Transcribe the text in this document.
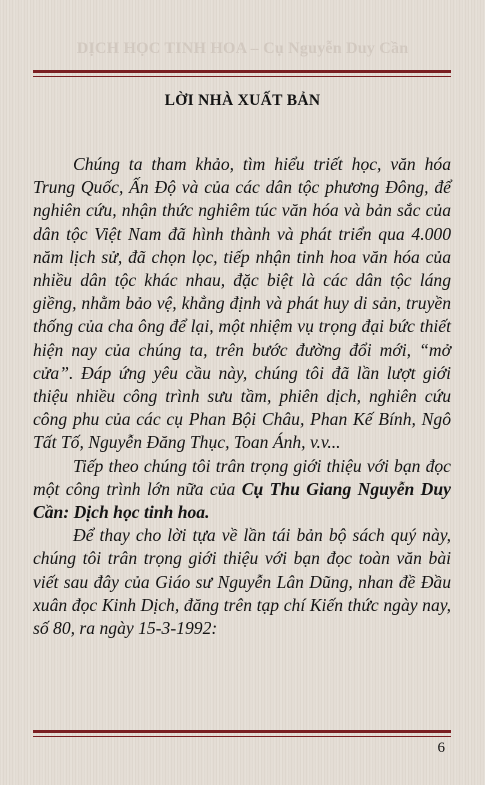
DỊCH HỌC TINH HOA – Cụ Nguyễn Duy Cần
LỜI NHÀ XUẤT BẢN

Chúng ta tham khảo, tìm hiểu triết học, văn hóa Trung Quốc, Ấn Độ và của các dân tộc phương Đông, để nghiên cứu, nhận thức nghiêm túc văn hóa và bản sắc của dân tộc Việt Nam đã hình thành và phát triển qua 4.000 năm lịch sử, đã chọn lọc, tiếp nhận tinh hoa văn hóa của nhiều dân tộc khác nhau, đặc biệt là các dân tộc láng giềng, nhằm bảo vệ, khẳng định và phát huy di sản, truyền thống của cha ông để lại, một nhiệm vụ trọng đại bức thiết hiện nay của chúng ta, trên bước đường đổi mới, “mở cửa”. Đáp ứng yêu cầu này, chúng tôi đã lần lượt giới thiệu nhiều công trình sưu tầm, phiên dịch, nghiên cứu công phu của các cụ Phan Bội Châu, Phan Kế Bính, Ngô Tất Tố, Nguyễn Đăng Thục, Toan Ánh, v.v...

Tiếp theo chúng tôi trân trọng giới thiệu với bạn đọc một công trình lớn nữa của Cụ Thu Giang Nguyễn Duy Cần: Dịch học tinh hoa.

Để thay cho lời tựa về lần tái bản bộ sách quý này, chúng tôi trân trọng giới thiệu với bạn đọc toàn văn bài viết sau đây của Giáo sư Nguyễn Lân Dũng, nhan đề Đầu xuân đọc Kinh Dịch, đăng trên tạp chí Kiến thức ngày nay, số 80, ra ngày 15-3-1992:

6
